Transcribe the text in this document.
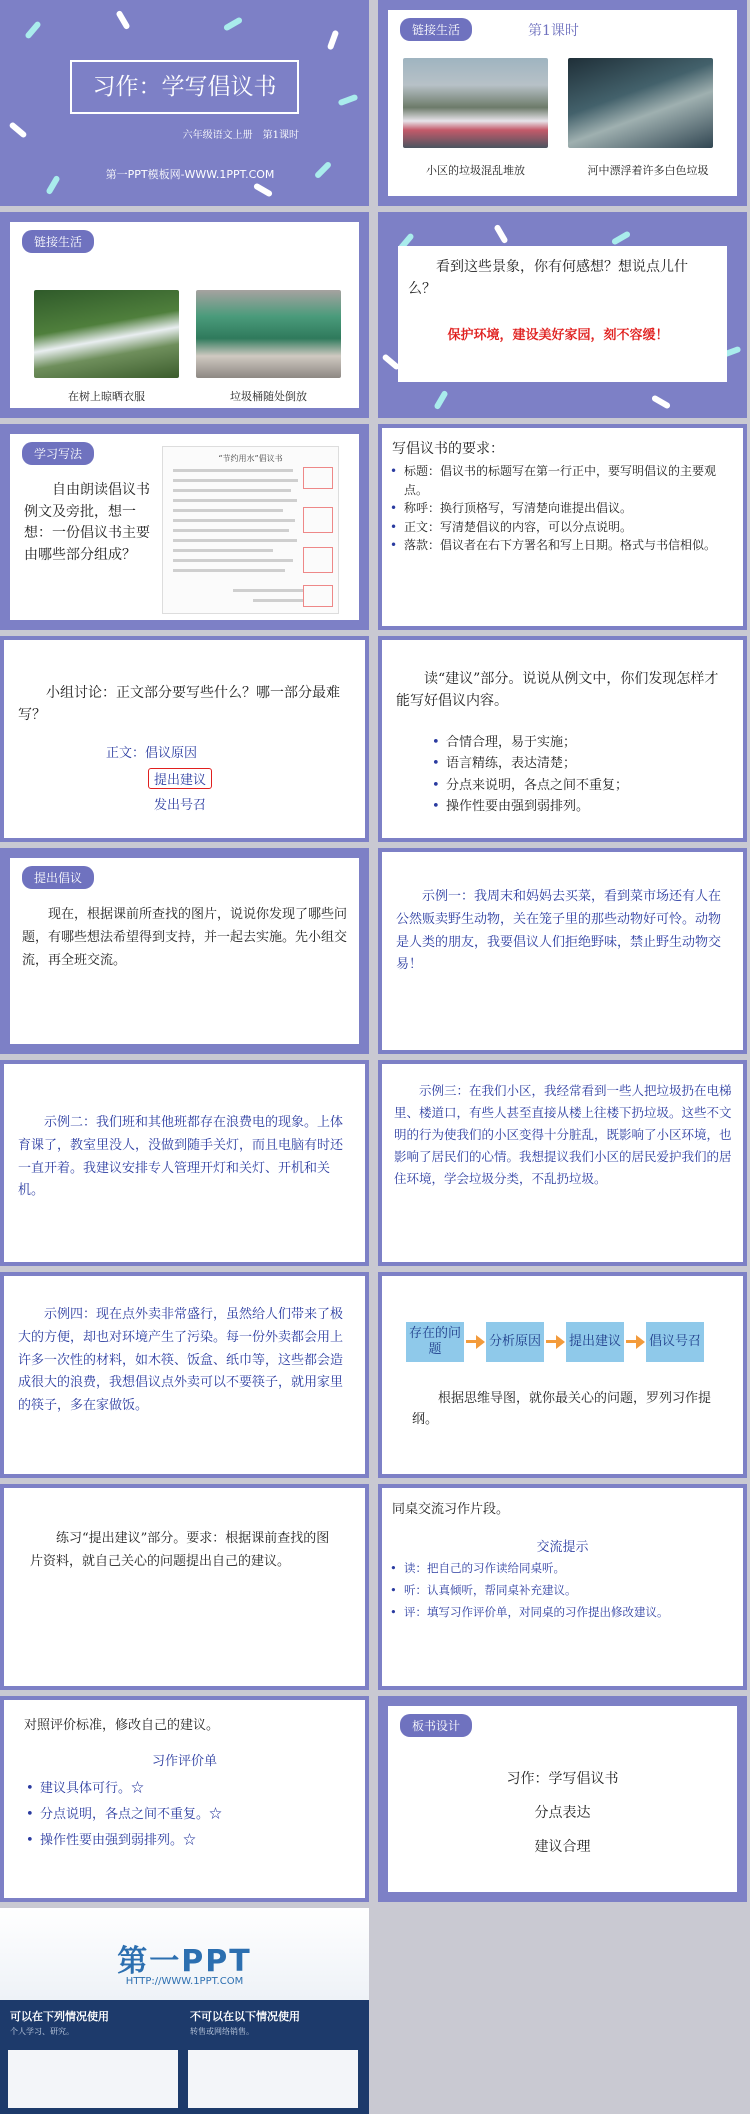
习作：学写倡议书
六年级语文上册　第1课时
第一PPT模板网-WWW.1PPT.COM
链接生活	第1课时
小区的垃圾混乱堆放	河中漂浮着许多白色垃圾
链接生活
在树上晾晒衣服	垃圾桶随处倒放
看到这些景象，你有何感想？想说点儿什么？
保护环境，建设美好家园，刻不容缓！
学习写法
自由朗读倡议书例文及旁批，想一想：一份倡议书主要由哪些部分组成？
“节约用水”倡议书
写倡议书的要求：
• 标题：倡议书的标题写在第一行正中，要写明倡议的主要观点。
• 称呼：换行顶格写，写清楚向谁提出倡议。
• 正文：写清楚倡议的内容，可以分点说明。
• 落款：倡议者在右下方署名和写上日期。格式与书信相似。
小组讨论：正文部分要写些什么？哪一部分最难写？
正文：倡议原因
提出建议
发出号召
读“建议”部分。说说从例文中，你们发现怎样才能写好倡议内容。
• 合情合理，易于实施；
• 语言精练，表达清楚；
• 分点来说明，各点之间不重复；
• 操作性要由强到弱排列。
提出倡议
现在，根据课前所查找的图片，说说你发现了哪些问题，有哪些想法希望得到支持，并一起去实施。先小组交流，再全班交流。
示例一：我周末和妈妈去买菜，看到菜市场还有人在公然贩卖野生动物，关在笼子里的那些动物好可怜。动物是人类的朋友，我要倡议人们拒绝野味，禁止野生动物交易！
示例二：我们班和其他班都存在浪费电的现象。上体育课了，教室里没人，没做到随手关灯，而且电脑有时还一直开着。我建议安排专人管理开灯和关灯、开机和关机。
示例三：在我们小区，我经常看到一些人把垃圾扔在电梯里、楼道口，有些人甚至直接从楼上往楼下扔垃圾。这些不文明的行为使我们的小区变得十分脏乱，既影响了小区环境，也影响了居民们的心情。我想提议我们小区的居民爱护我们的居住环境，学会垃圾分类，不乱扔垃圾。
示例四：现在点外卖非常盛行，虽然给人们带来了极大的方便，却也对环境产生了污染。每一份外卖都会用上许多一次性的材料，如木筷、饭盒、纸巾等，这些都会造成很大的浪费，我想倡议点外卖可以不要筷子，就用家里的筷子，多在家做饭。
存在的问题
分析原因 提出建议 倡议号召
根据思维导图，就你最关心的问题，罗列习作提纲。
练习“提出建议”部分。要求：根据课前查找的图片资料，就自己关心的问题提出自己的建议。
同桌交流习作片段。
交流提示
• 读：把自己的习作读给同桌听。
• 听：认真倾听，帮同桌补充建议。
• 评：填写习作评价单，对同桌的习作提出修改建议。
对照评价标准，修改自己的建议。
习作评价单
• 建议具体可行。☆
• 分点说明，各点之间不重复。☆
• 操作性要由强到弱排列。☆
板书设计
习作：学写倡议书
分点表达
建议合理
第一PPT
HTTP://WWW.1PPT.COM
可以在下列情况使用
个人学习、研究。
不可以在以下情况使用
转售或网络销售。
